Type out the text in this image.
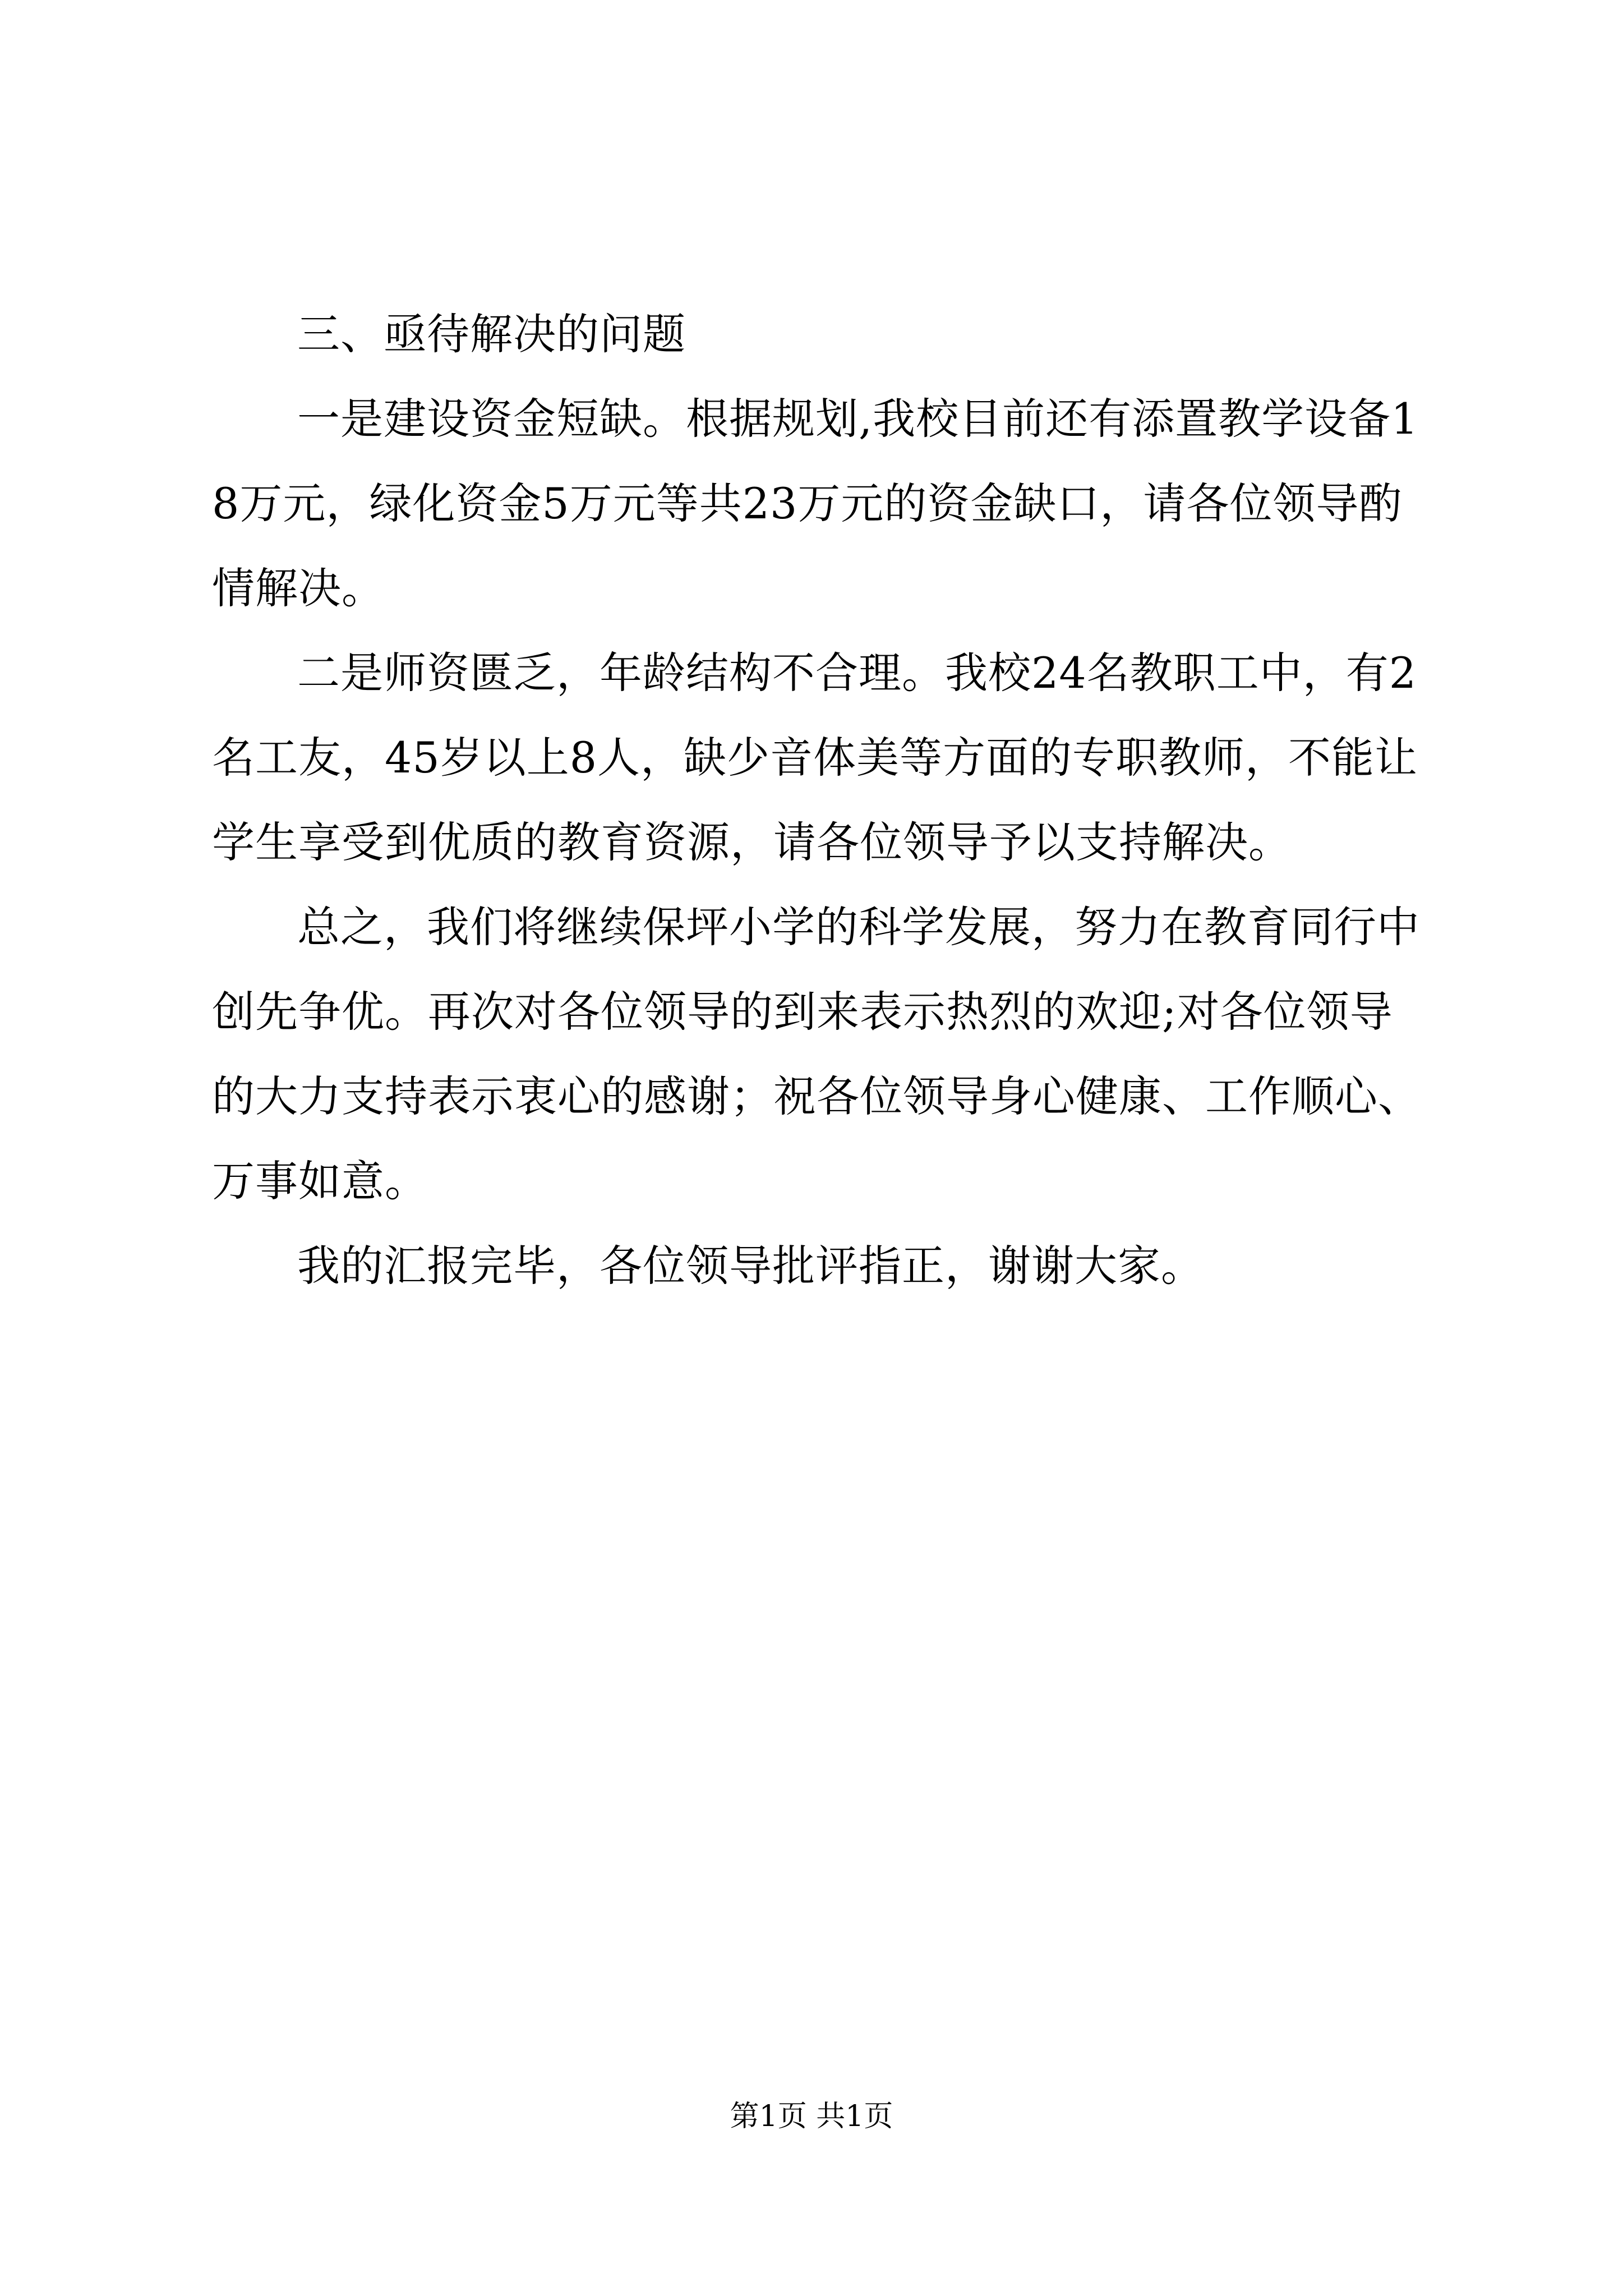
三、亟待解决的问题

一是建设资金短缺。根据规划,我校目前还有添置教学设备18万元，绿化资金5万元等共23万元的资金缺口，请各位领导酌情解决。

二是师资匮乏，年龄结构不合理。我校24名教职工中，有2名工友，45岁以上8人，缺少音体美等方面的专职教师，不能让学生享受到优质的教育资源，请各位领导予以支持解决。

总之，我们将继续保坪小学的科学发展，努力在教育同行中创先争优。再次对各位领导的到来表示热烈的欢迎;对各位领导的大力支持表示衷心的感谢；祝各位领导身心健康、工作顺心、万事如意。

我的汇报完毕，各位领导批评指正，谢谢大家。

第1页 共1页
